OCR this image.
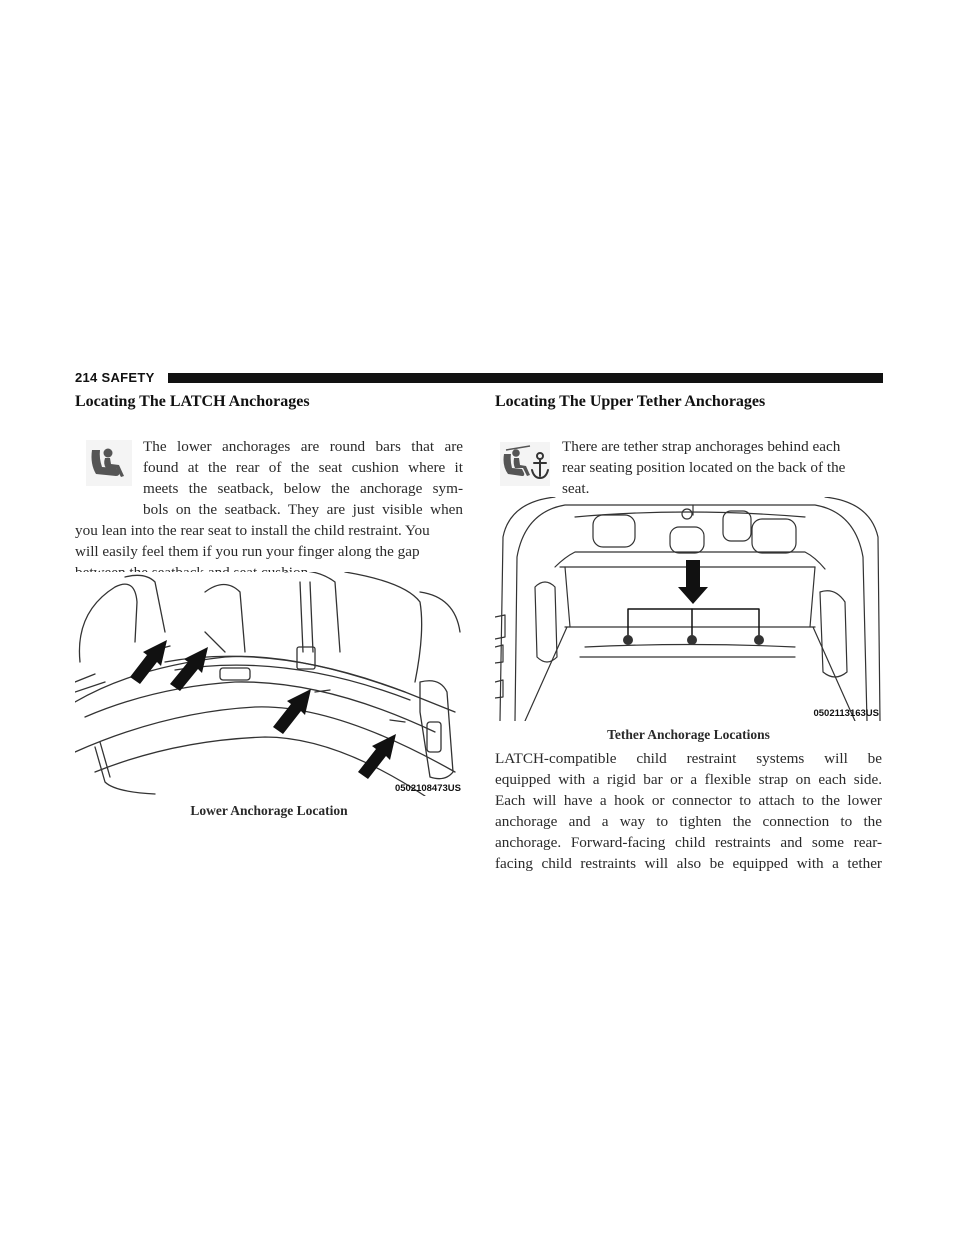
214 SAFETY
Locating The LATCH Anchorages
The lower anchorages are round bars that are
found at the rear of the seat cushion where it
meets the seatback, below the anchorage sym-
bols on the seatback. They are just visible when

you lean into the rear seat to install the child restraint. You

will easily feel them if you run your finger along the gap

0502108473US
Lower Anchorage Location
Locating The Upper Tether Anchorages

There are tether strap anchorages behind each

rear seating position located on the back of the

seat.

0502113163US
Tether Anchorage Locations
LATCH-compatible child restraint systems will be
equipped with a rigid bar or a flexible strap on each side.
Each will have a hook or connector to attach to the lower
anchorage and a way to tighten the connection to the
anchorage. Forward-facing child restraints and some rear-
facing child restraints will also be equipped with a tether
